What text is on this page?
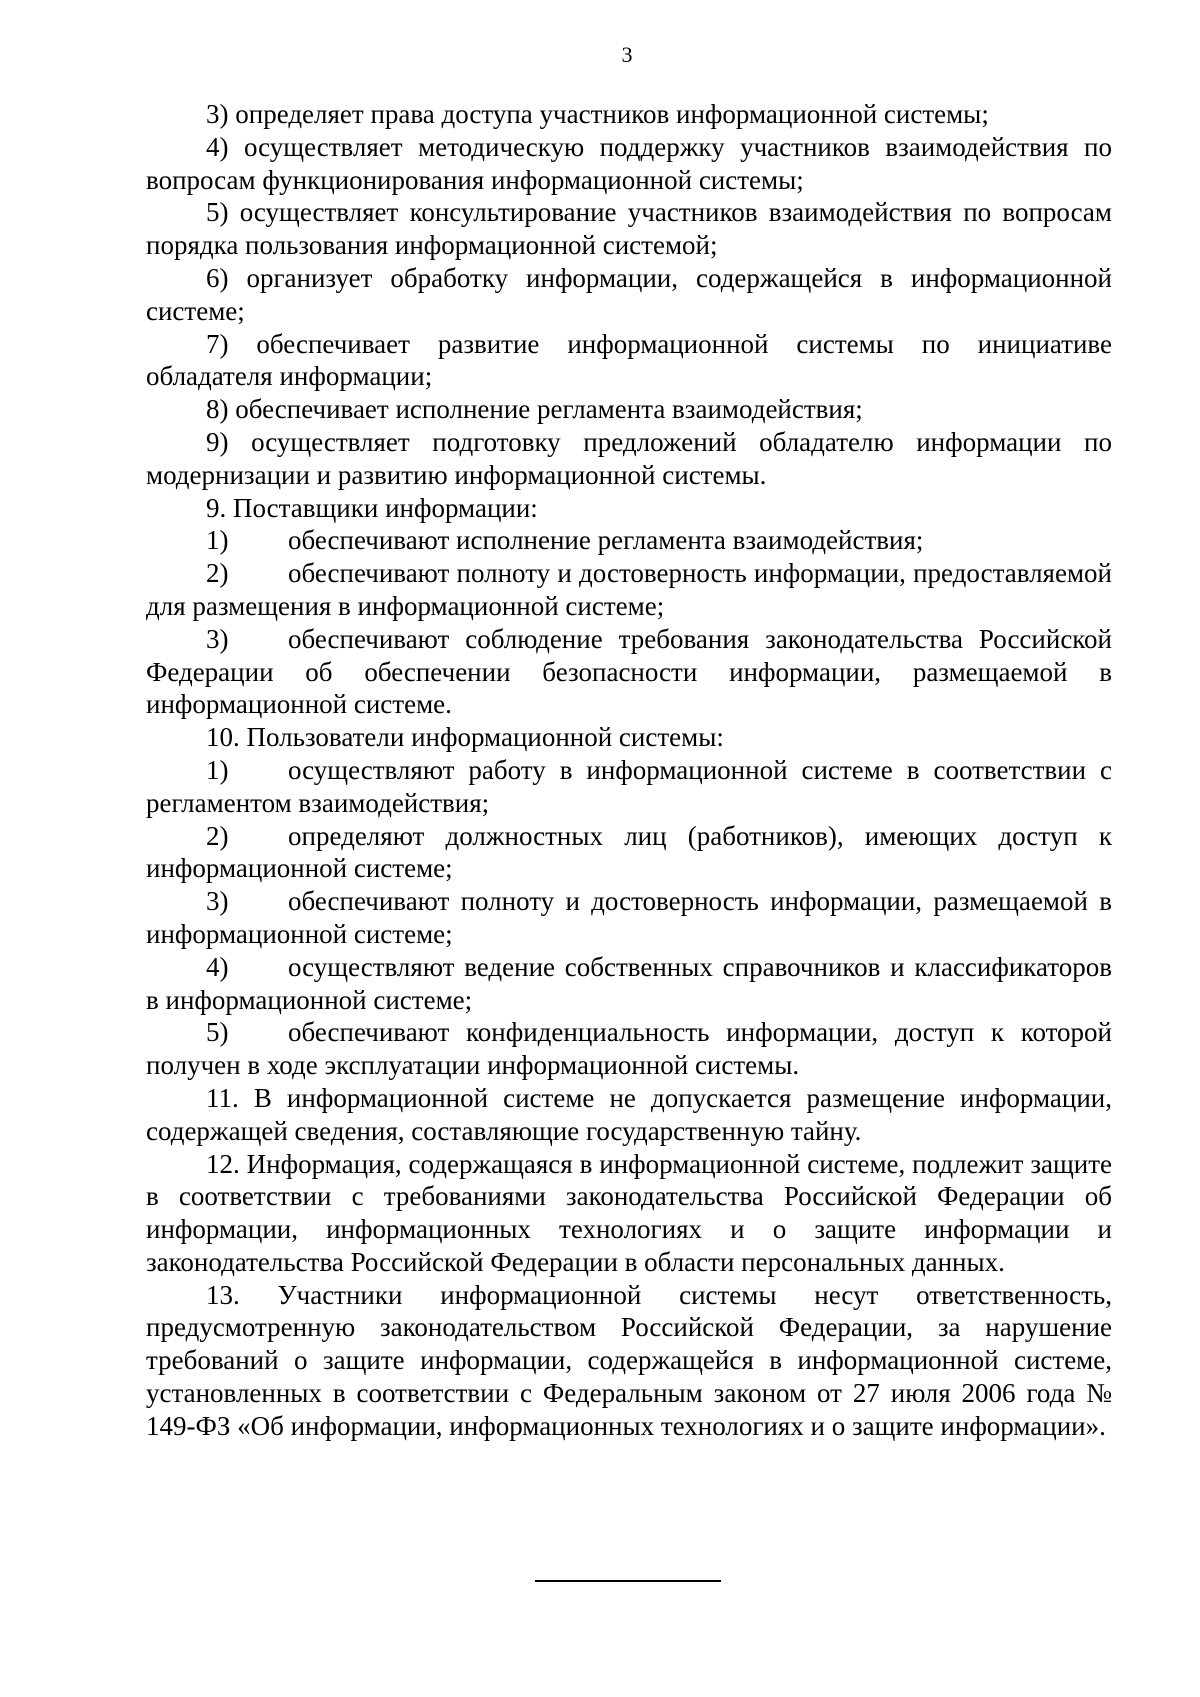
3

3) определяет права доступа участников информационной системы;

4) осуществляет методическую поддержку участников взаимодействия по вопросам функционирования информационной системы;

5) осуществляет консультирование участников взаимодействия по вопросам порядка пользования информационной системой;

6) организует обработку информации, содержащейся в информационной системе;

7) обеспечивает развитие информационной системы по инициативе обладателя информации;

8) обеспечивает исполнение регламента взаимодействия;

9) осуществляет подготовку предложений обладателю информации по модернизации и развитию информационной системы.

9. Поставщики информации:

1) обеспечивают исполнение регламента взаимодействия;

2) обеспечивают полноту и достоверность информации, предоставляемой для размещения в информационной системе;

3) обеспечивают соблюдение требования законодательства Российской Федерации об обеспечении безопасности информации, размещаемой в информационной системе.

10. Пользователи информационной системы:

1) осуществляют работу в информационной системе в соответствии с регламентом взаимодействия;

2) определяют должностных лиц (работников), имеющих доступ к информационной системе;

3) обеспечивают полноту и достоверность информации, размещаемой в информационной системе;

4) осуществляют ведение собственных справочников и классификаторов в информационной системе;

5) обеспечивают конфиденциальность информации, доступ к которой получен в ходе эксплуатации информационной системы.

11. В информационной системе не допускается размещение информации, содержащей сведения, составляющие государственную тайну.

12. Информация, содержащаяся в информационной системе, подлежит защите в соответствии с требованиями законодательства Российской Федерации об информации, информационных технологиях и о защите информации и законодательства Российской Федерации в области персональных данных.

13. Участники информационной системы несут ответственность, предусмотренную законодательством Российской Федерации, за нарушение требований о защите информации, содержащейся в информационной системе, установленных в соответствии с Федеральным законом от 27 июля 2006 года № 149-ФЗ «Об информации, информационных технологиях и о защите информации».
